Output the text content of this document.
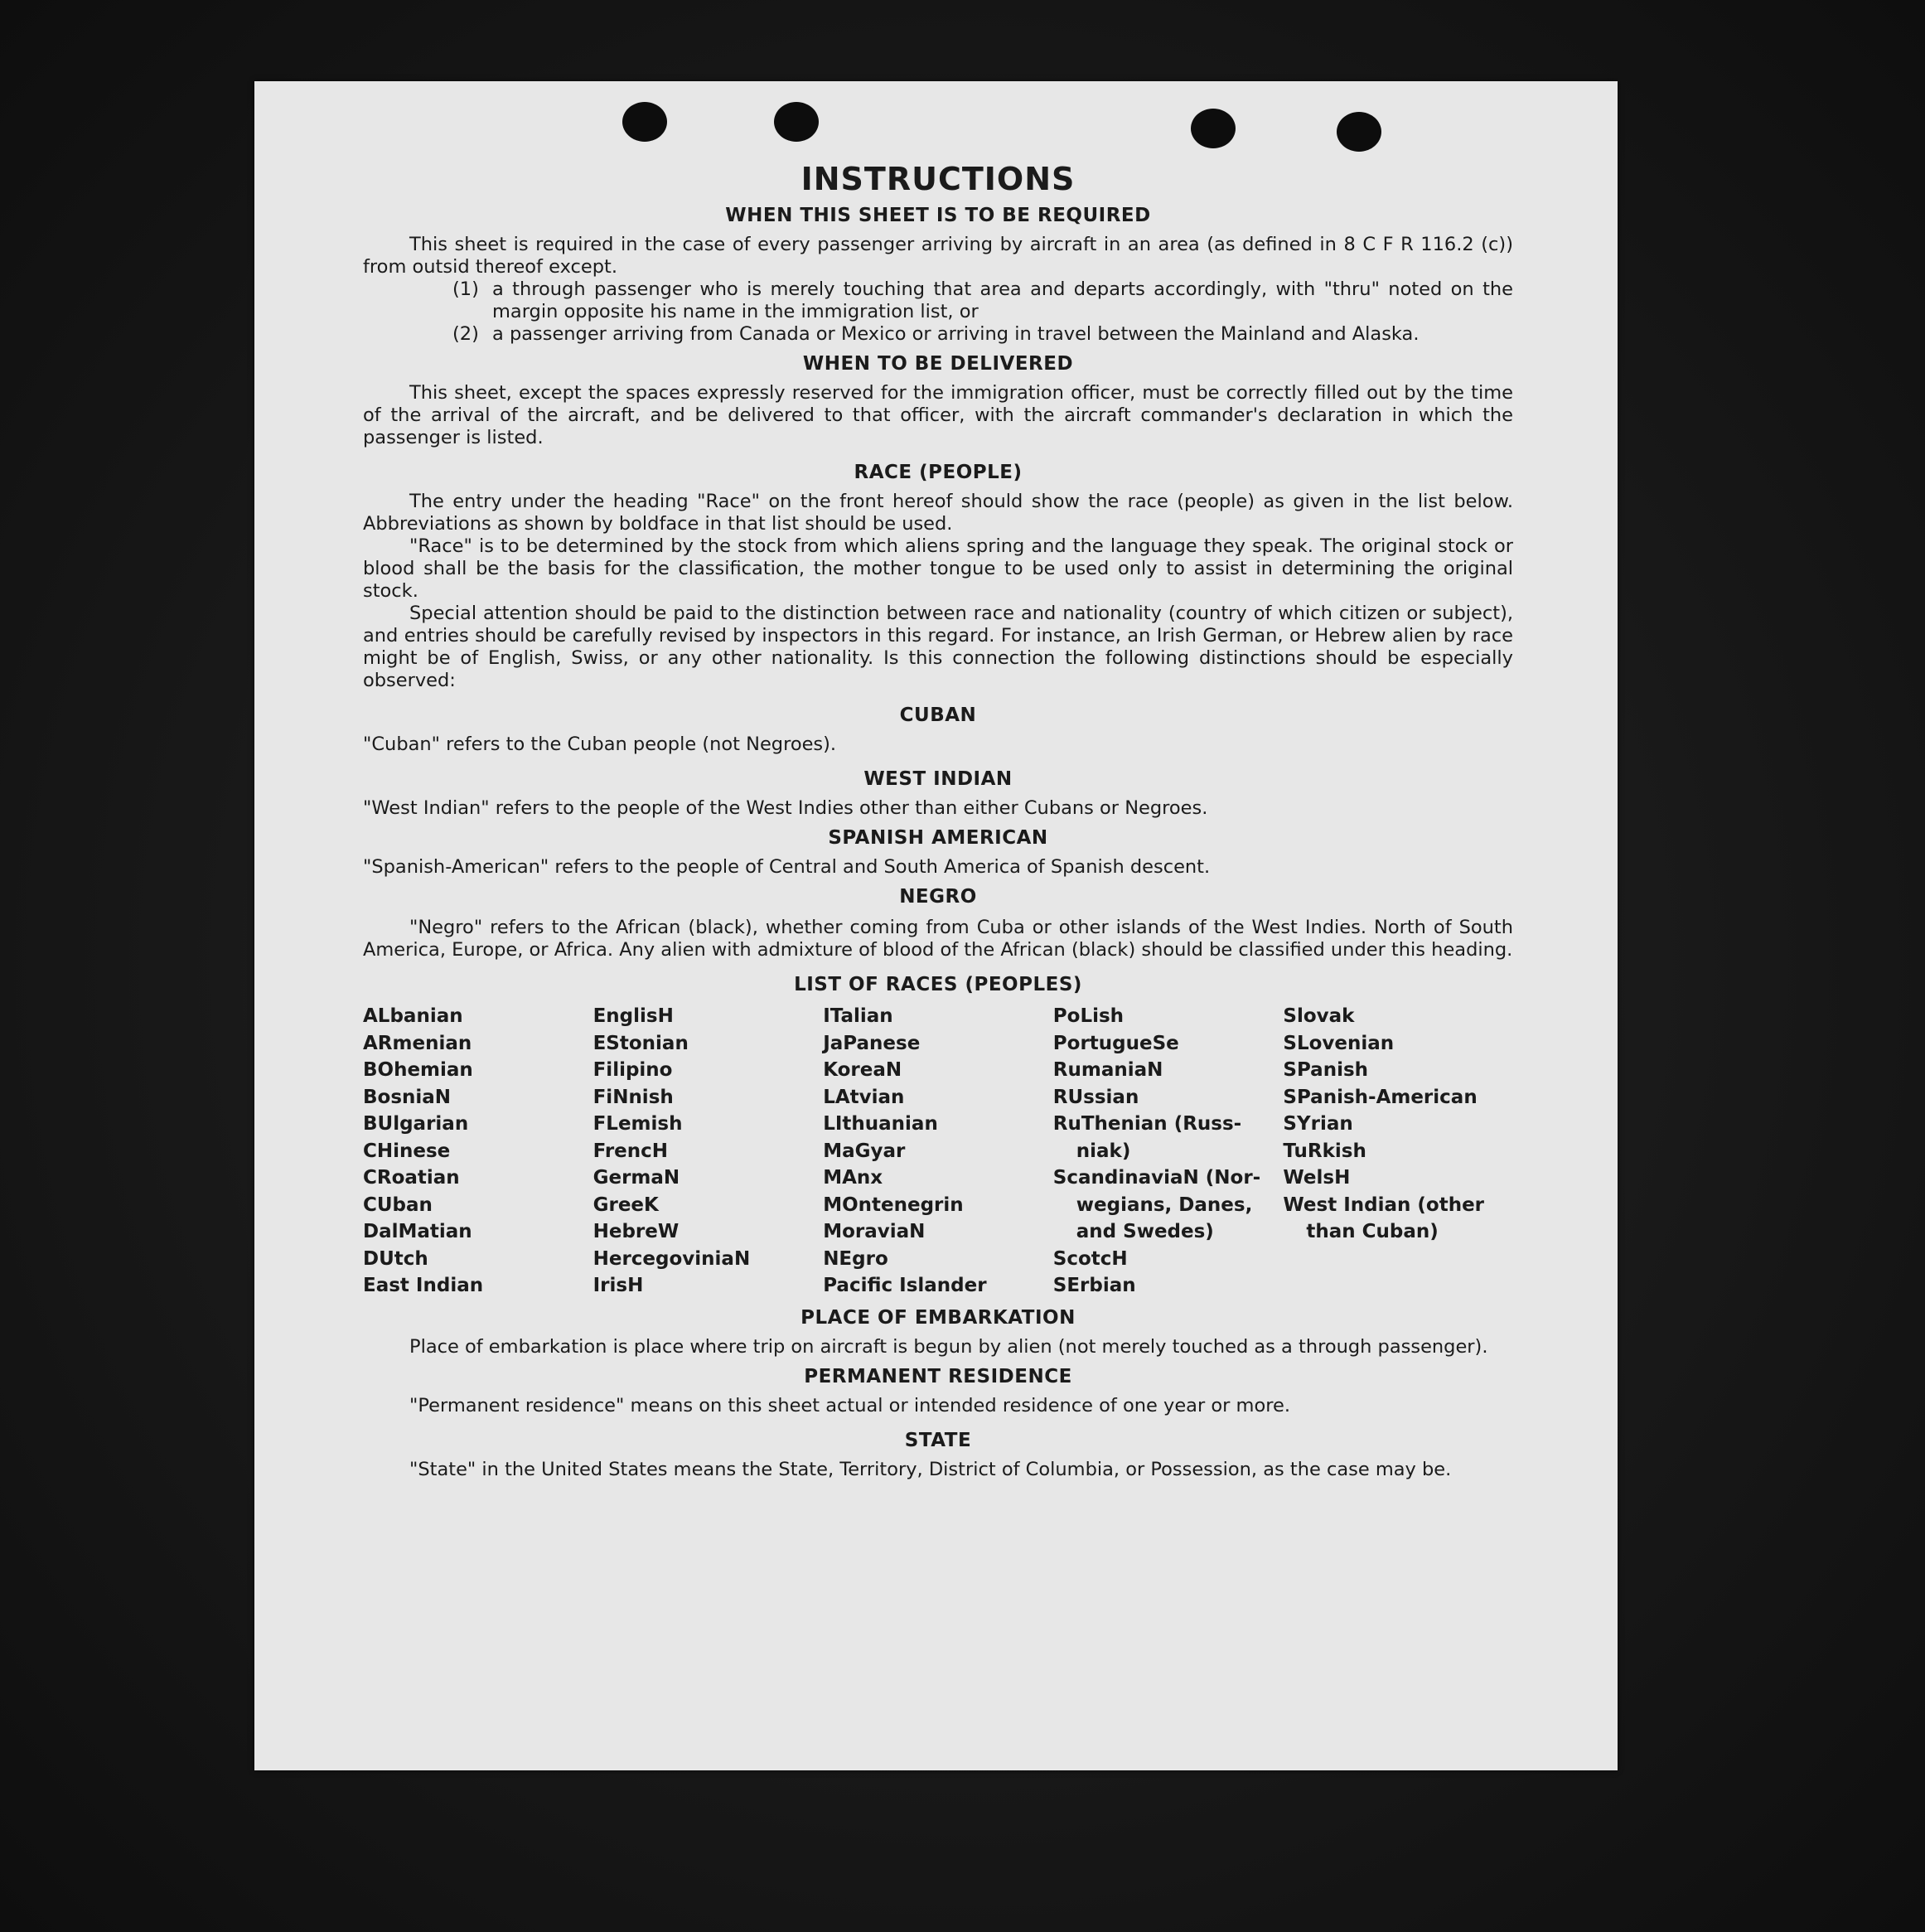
INSTRUCTIONS
WHEN THIS SHEET IS TO BE REQUIRED

This sheet is required in the case of every passenger arriving by aircraft in an area (as defined in 8 C F R 116.2 (c)) from outsid thereof except.

(1) a through passenger who is merely touching that area and departs accordingly, with "thru" noted on the margin opposite his name in the immigration list, or
(2) a passenger arriving from Canada or Mexico or arriving in travel between the Mainland and Alaska.
WHEN TO BE DELIVERED

This sheet, except the spaces expressly reserved for the immigration officer, must be correctly filled out by the time of the arrival of the aircraft, and be delivered to that officer, with the aircraft commander's declaration in which the passenger is listed.

RACE (PEOPLE)

The entry under the heading "Race" on the front hereof should show the race (people) as given in the list below. Abbreviations as shown by boldface in that list should be used.

"Race" is to be determined by the stock from which aliens spring and the language they speak. The original stock or blood shall be the basis for the classification, the mother tongue to be used only to assist in determining the original stock.

Special attention should be paid to the distinction between race and nationality (country of which citizen or subject), and entries should be carefully revised by inspectors in this regard. For instance, an Irish German, or Hebrew alien by race might be of English, Swiss, or any other nationality. Is this connection the following distinctions should be especially observed:

CUBAN

"Cuban" refers to the Cuban people (not Negroes).

WEST INDIAN

"West Indian" refers to the people of the West Indies other than either Cubans or Negroes.

SPANISH AMERICAN

"Spanish-American" refers to the people of Central and South America of Spanish descent.

NEGRO

"Negro" refers to the African (black), whether coming from Cuba or other islands of the West Indies. North of South America, Europe, or Africa. Any alien with admixture of blood of the African (black) should be classified under this heading.

LIST OF RACES (PEOPLES)
ALbanian
ARmenian
BOhemian
BosniaN
BUlgarian
CHinese
CRoatian
CUban
DalMatian
DUtch
East Indian
EnglisH
EStonian
Filipino
FiNnish
FLemish
FrencH
GermaN
GreeK
HebreW
HercegoviniaN
IrisH
ITalian
JaPanese
KoreaN
LAtvian
LIthuanian
MaGyar
MAnx
MOntenegrin
MoraviaN
NEgro
Pacific Islander
PoLish
PortugueSe
RumaniaN
RUssian
RuThenian (Russ-
niak)
ScandinaviaN (Nor-
wegians, Danes,
and Swedes)
ScotcH
SErbian
Slovak
SLovenian
SPanish
SPanish-American
SYrian
TuRkish
WelsH
West Indian (other
than Cuban)
PLACE OF EMBARKATION

Place of embarkation is place where trip on aircraft is begun by alien (not merely touched as a through passenger).

PERMANENT RESIDENCE

"Permanent residence" means on this sheet actual or intended residence of one year or more.

STATE

"State" in the United States means the State, Territory, District of Columbia, or Possession, as the case may be.
